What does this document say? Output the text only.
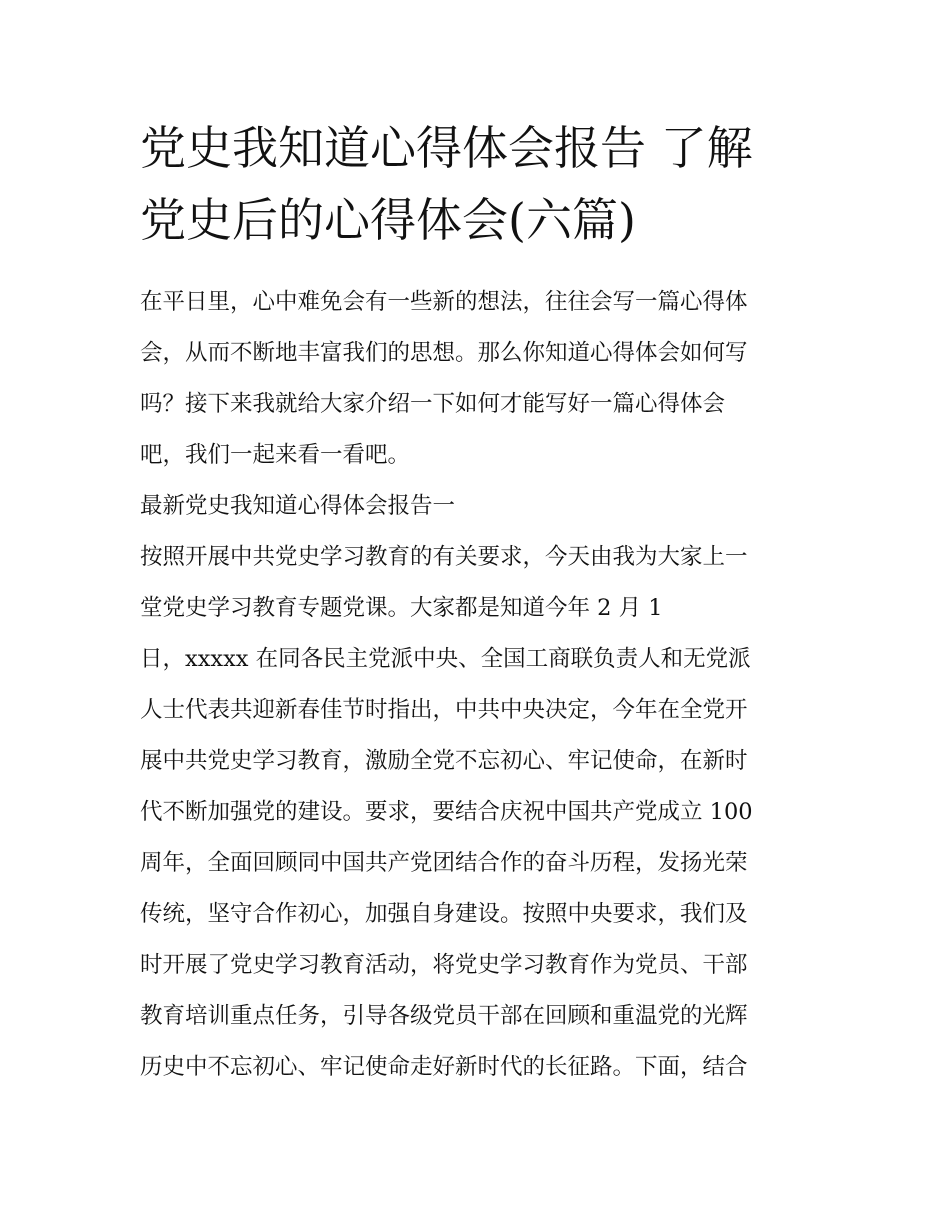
党史我知道心得体会报告 了解
党史后的心得体会(六篇)
在平日里，心中难免会有一些新的想法，往往会写一篇心得体
会，从而不断地丰富我们的思想。那么你知道心得体会如何写
吗？接下来我就给大家介绍一下如何才能写好一篇心得体会
吧，我们一起来看一看吧。
最新党史我知道心得体会报告一
按照开展中共党史学习教育的有关要求，今天由我为大家上一
堂党史学习教育专题党课。大家都是知道今年 2 月 1
日，xxxxx 在同各民主党派中央、全国工商联负责人和无党派
人士代表共迎新春佳节时指出，中共中央决定，今年在全党开
展中共党史学习教育，激励全党不忘初心、牢记使命，在新时
代不断加强党的建设。要求，要结合庆祝中国共产党成立 100
周年，全面回顾同中国共产党团结合作的奋斗历程，发扬光荣
传统，坚守合作初心，加强自身建设。按照中央要求，我们及
时开展了党史学习教育活动，将党史学习教育作为党员、干部
教育培训重点任务，引导各级党员干部在回顾和重温党的光辉
历史中不忘初心、牢记使命走好新时代的长征路。下面，结合
